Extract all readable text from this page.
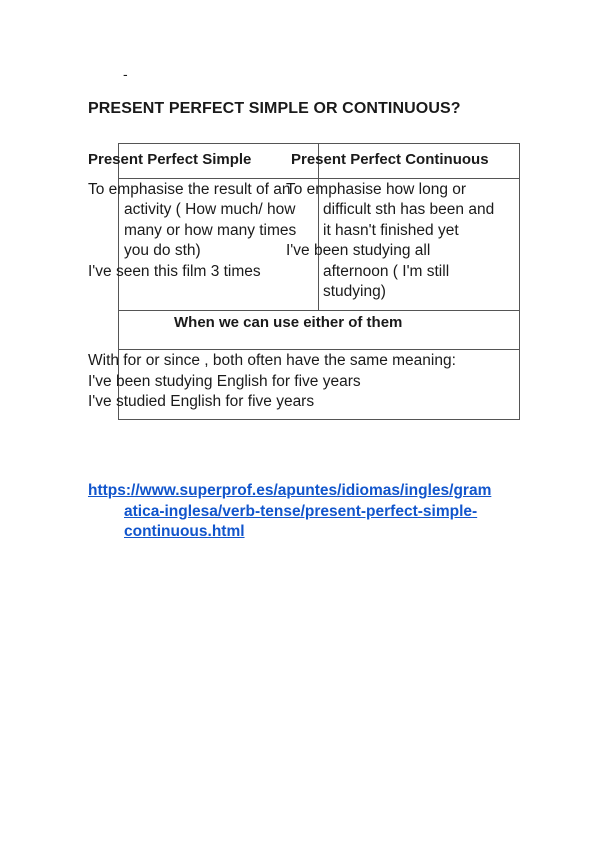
-
PRESENT PERFECT SIMPLE OR CONTINUOUS?
Present Perfect Simple	Present Perfect Continuous
To emphasise the result of an
activity ( How much/ how
many or how many times
you do sth)
I've seen this film 3 times
To emphasise how long or
difficult sth has been and
it hasn't finished yet
I've been studying all
afternoon ( I'm still
studying)
When we can use either of them
With for or since , both often have the same meaning:
I've been studying English for five years
I've studied English for five years
https://www.superprof.es/apuntes/idiomas/ingles/gram
atica-inglesa/verb-tense/present-perfect-simple-
continuous.html
